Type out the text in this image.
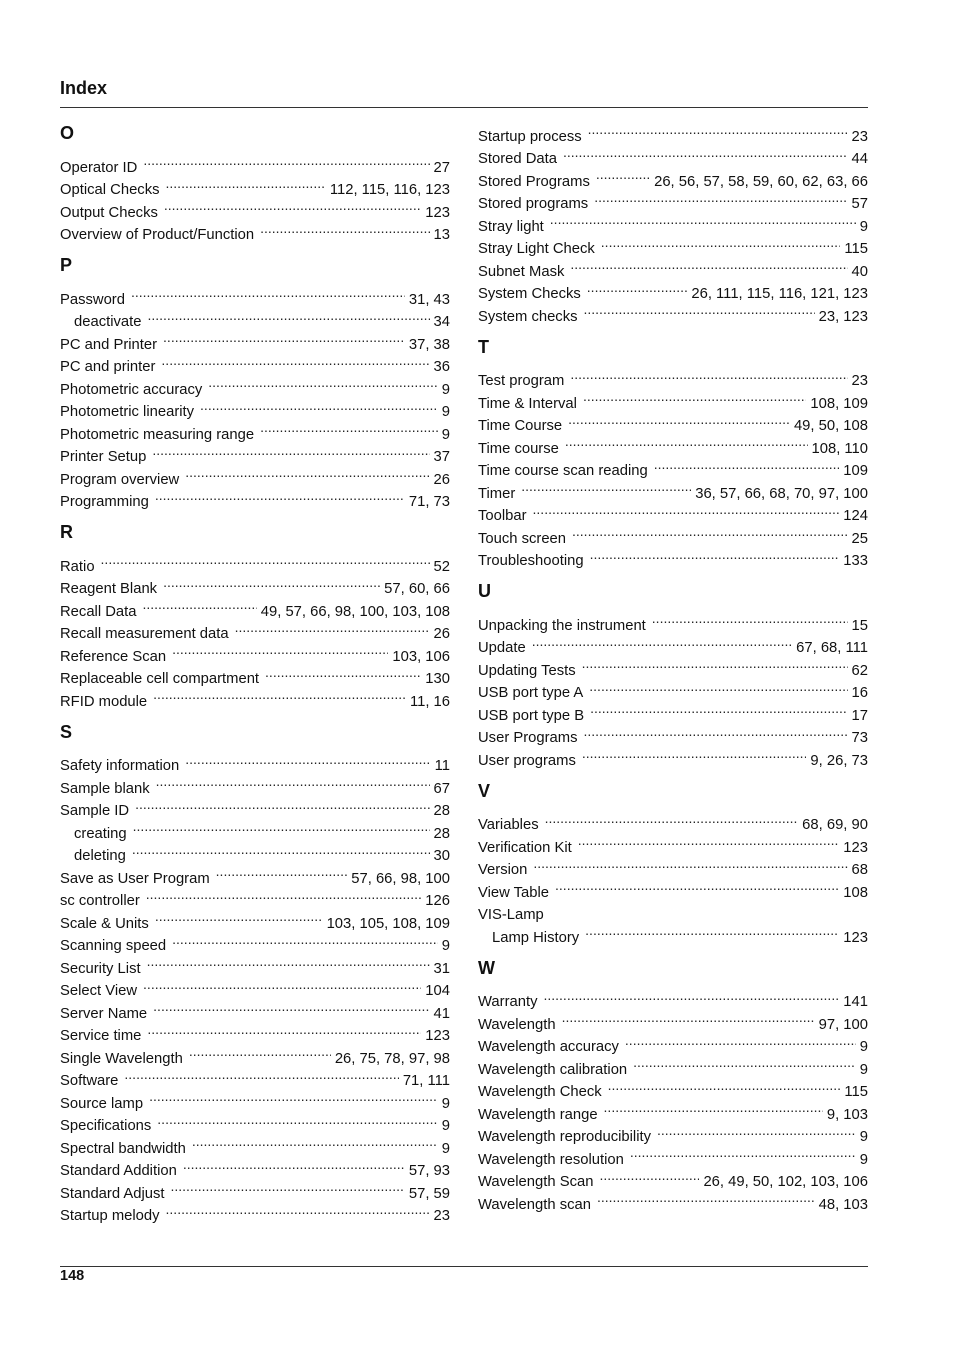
Index
O
Operator ID .....	27
Optical Checks .....	112, 115, 116, 123
Output Checks .....	123
Overview of Product/Function .....	13
P
Password .....	31, 43
deactivate .....	34
PC and Printer .....	37, 38
PC and printer .....	36
Photometric accuracy .....	9
Photometric linearity .....	9
Photometric measuring range .....	9
Printer Setup .....	37
Program overview .....	26
Programming .....	71, 73
R
Ratio .....	52
Reagent Blank .....	57, 60, 66
Recall Data .....	49, 57, 66, 98, 100, 103, 108
Recall measurement data .....	26
Reference Scan .....	103, 106
Replaceable cell compartment .....	130
RFID module .....	11, 16
S
Safety information .....	11
Sample blank .....	67
Sample ID .....	28
creating .....	28
deleting .....	30
Save as User Program .....	57, 66, 98, 100
sc controller .....	126
Scale & Units .....	103, 105, 108, 109
Scanning speed .....	9
Security List .....	31
Select View .....	104
Server Name .....	41
Service time .....	123
Single Wavelength .....	26, 75, 78, 97, 98
Software .....	71, 111
Source lamp .....	9
Specifications .....	9
Spectral bandwidth .....	9
Standard Addition .....	57, 93
Standard Adjust .....	57, 59
Startup melody .....	23
Startup process .....	23
Stored Data .....	44
Stored Programs .....	26, 56, 57, 58, 59, 60, 62, 63, 66
Stored programs .....	57
Stray light .....	9
Stray Light Check .....	115
Subnet Mask .....	40
System Checks .....	26, 111, 115, 116, 121, 123
System checks .....	23, 123
T
Test program .....	23
Time & Interval .....	108, 109
Time Course .....	49, 50, 108
Time course .....	108, 110
Time course scan reading .....	109
Timer .....	36, 57, 66, 68, 70, 97, 100
Toolbar .....	124
Touch screen .....	25
Troubleshooting .....	133
U
Unpacking the instrument .....	15
Update .....	67, 68, 111
Updating Tests .....	62
USB port type A .....	16
USB port type B .....	17
User Programs .....	73
User programs .....	9, 26, 73
V
Variables .....	68, 69, 90
Verification Kit .....	123
Version .....	68
View Table .....	108
VIS-Lamp
Lamp History .....	123
W
Warranty .....	141
Wavelength .....	97, 100
Wavelength accuracy .....	9
Wavelength calibration .....	9
Wavelength Check .....	115
Wavelength range .....	9, 103
Wavelength reproducibility .....	9
Wavelength resolution .....	9
Wavelength Scan .....	26, 49, 50, 102, 103, 106
Wavelength scan .....	48, 103
148
